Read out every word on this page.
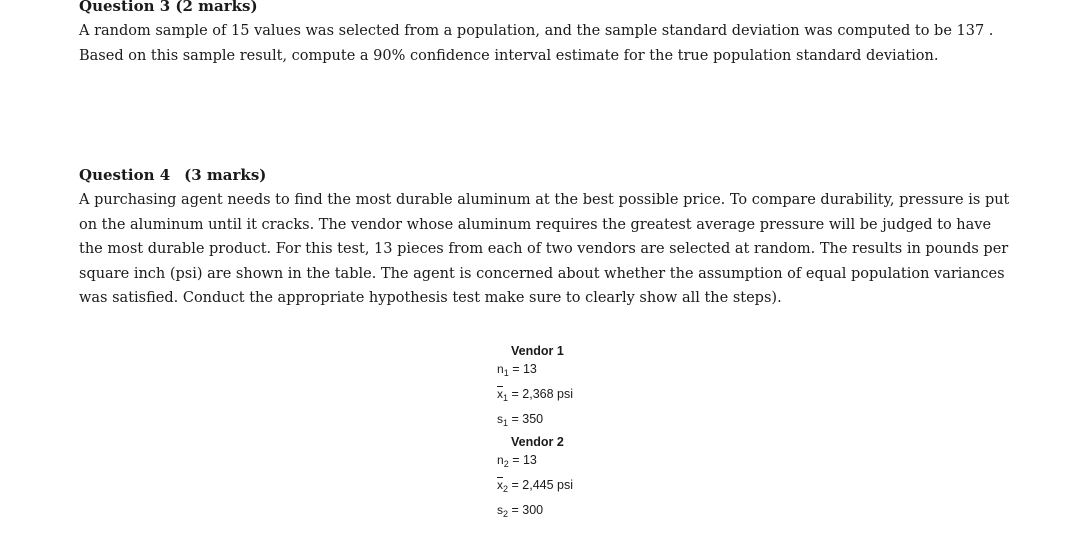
Question 3 (2 marks)
A random sample of 15 values was selected from a population, and the sample standard deviation was computed to be 137 .
Based on this sample result, compute a 90% confidence interval estimate for the true population standard deviation.
Question 4 (3 marks)

A purchasing agent needs to find the most durable aluminum at the best possible price. To compare durability, pressure is put on the aluminum until it cracks. The vendor whose aluminum requires the greatest average pressure will be judged to have the most durable product. For this test, 13 pieces from each of two vendors are selected at random. The results in pounds per square inch (psi) are shown in the table. The agent is concerned about whether the assumption of equal population variances was satisfied. Conduct the appropriate hypothesis test make sure to clearly show all the steps).

Vendor 1
$n_1 = 13$
$\overline{x}_1 = 2,368$ psi
$s_1 = 350$
Vendor 2
$n_2 = 13$
$\overline{x}_2 = 2,445$ psi
$s_2 = 300$
